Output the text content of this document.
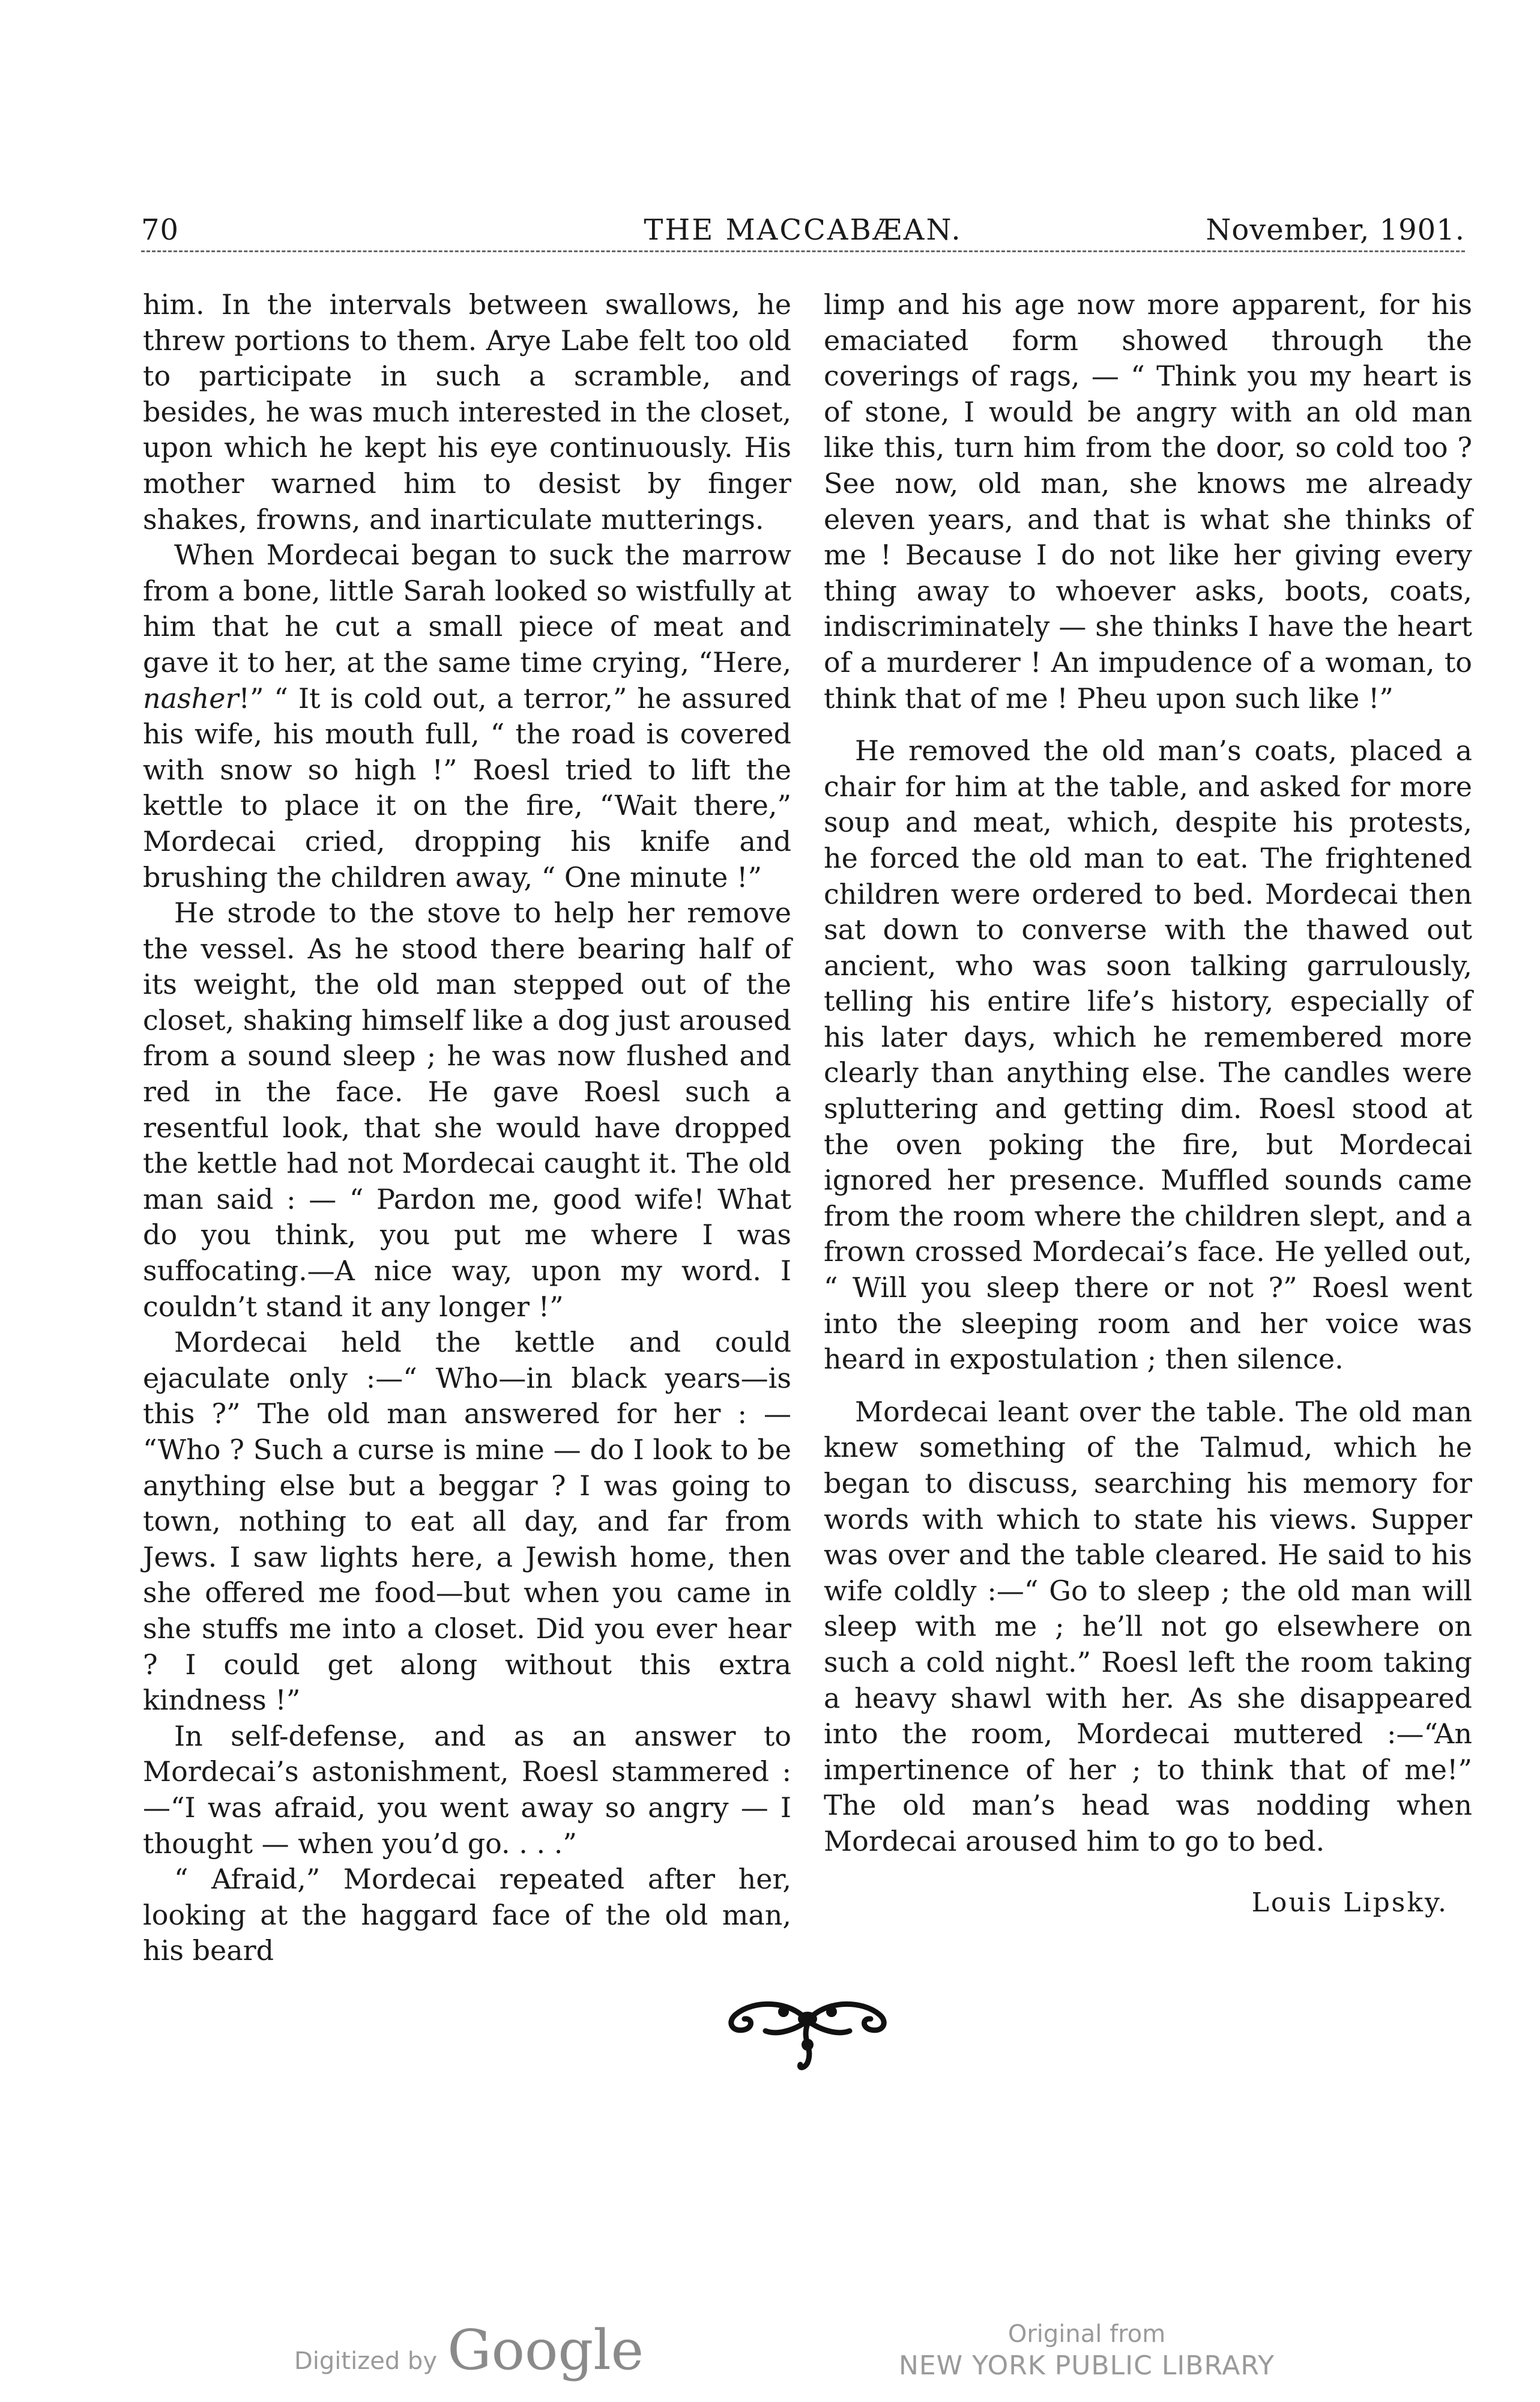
70	THE MACCABÆAN.	November, 1901.

him. In the intervals between swallows, he threw portions to them. Arye Labe felt too old to participate in such a scramble, and besides, he was much interested in the closet, upon which he kept his eye continuously. His mother warned him to desist by finger shakes, frowns, and inarticulate mutterings.

When Mordecai began to suck the marrow from a bone, little Sarah looked so wistfully at him that he cut a small piece of meat and gave it to her, at the same time crying, “Here, nasher!” “ It is cold out, a terror,” he assured his wife, his mouth full, “ the road is covered with snow so high !” Roesl tried to lift the kettle to place it on the fire, “Wait there,” Mordecai cried, dropping his knife and brushing the children away, “ One minute !”

He strode to the stove to help her remove the vessel. As he stood there bearing half of its weight, the old man stepped out of the closet, shaking himself like a dog just aroused from a sound sleep ; he was now flushed and red in the face. He gave Roesl such a resentful look, that she would have dropped the kettle had not Mordecai caught it. The old man said : — “ Pardon me, good wife! What do you think, you put me where I was suffocating.—A nice way, upon my word. I couldn’t stand it any longer !”

Mordecai held the kettle and could ejaculate only :—“ Who—in black years—is this ?” The old man answered for her : — “Who ? Such a curse is mine — do I look to be anything else but a beggar ? I was going to town, nothing to eat all day, and far from Jews. I saw lights here, a Jewish home, then she offered me food—but when you came in she stuffs me into a closet. Did you ever hear ? I could get along without this extra kindness !”

In self-defense, and as an answer to Mordecai’s astonishment, Roesl stammered :—“I was afraid, you went away so angry — I thought — when you’d go. . . .”

“ Afraid,” Mordecai repeated after her, looking at the haggard face of the old man, his beard

limp and his age now more apparent, for his emaciated form showed through the coverings of rags, — “ Think you my heart is of stone, I would be angry with an old man like this, turn him from the door, so cold too ? See now, old man, she knows me already eleven years, and that is what she thinks of me ! Because I do not like her giving every thing away to whoever asks, boots, coats, indiscriminately — she thinks I have the heart of a murderer ! An impudence of a woman, to think that of me ! Pheu upon such like !”

He removed the old man’s coats, placed a chair for him at the table, and asked for more soup and meat, which, despite his protests, he forced the old man to eat. The frightened children were ordered to bed. Mordecai then sat down to converse with the thawed out ancient, who was soon talking garrulously, telling his entire life’s history, especially of his later days, which he remembered more clearly than anything else. The candles were spluttering and getting dim. Roesl stood at the oven poking the fire, but Mordecai ignored her presence. Muffled sounds came from the room where the children slept, and a frown crossed Mordecai’s face. He yelled out, “ Will you sleep there or not ?” Roesl went into the sleeping room and her voice was heard in expostulation ; then silence.

Mordecai leant over the table. The old man knew something of the Talmud, which he began to discuss, searching his memory for words with which to state his views. Supper was over and the table cleared. He said to his wife coldly :—“ Go to sleep ; the old man will sleep with me ; he’ll not go elsewhere on such a cold night.” Roesl left the room taking a heavy shawl with her. As she disappeared into the room, Mordecai muttered :—“An impertinence of her ; to think that of me!” The old man’s head was nodding when Mordecai aroused him to go to bed.

Louis Lipsky.
Digitized by Google	Original from
NEW YORK PUBLIC LIBRARY
